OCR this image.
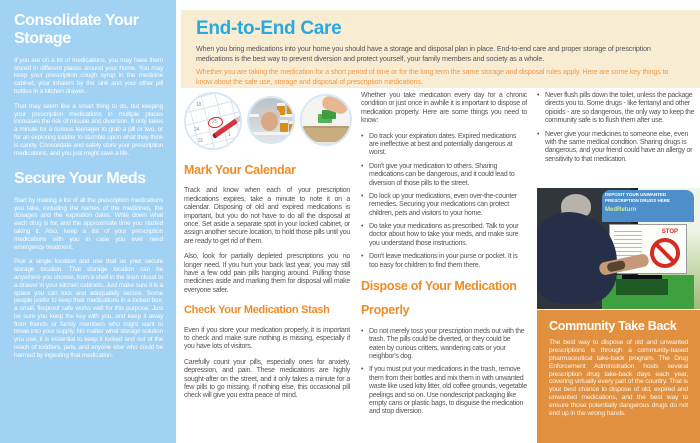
Consolidate Your Storage

If you are on a lot of medications, you may have them stored in different places around your home. You may keep your prescription cough syrup in the medicine cabinet, your inhalers by the sink and your other pill bottles in a kitchen drawer.

That may seem like a smart thing to do, but keeping your prescription medications in multiple places increases the risk of misuse and diversion. It only takes a minute for a curious teenager to grab a pill or two, or for an exploring toddler to stumble upon what they think is candy. Consolidate and safely store your prescription medications, and you just might save a life.

Secure Your Meds

Start by making a list of all the prescription medications you take, including the names of the medicines, the dosages and the expiration dates. Write down what each drug is for, and the approximate time you started taking it. Also, keep a list of your prescription medications with you in case you ever need emergency treatment.

Pick a single location and use that as your secure storage location. That storage location can be anywhere you choose, from a shelf in the linen closet to a drawer in your kitchen cabinets. Just make sure it is a space you can lock and adequately secure. Some people prefer to keep their medications in a locked box; a small, fireproof safe works well for this purpose. Just be sure you keep the key with you, and keep it away from friends or family members who might want to break into your supply. No matter what storage solution you use, it is essential to keep it locked and out of the reach of toddlers, pets, and anyone else who could be harmed by ingesting that medication.

End-to-End Care

When you bring medications into your home you should have a storage and disposal plan in place. End-to-end care and proper storage of prescription medications is the best way to prevent diversion and protect yourself, your family members and society as a whole.

Whether you are taking the medication for a short period of time or for the long term the same storage and disposal rules apply. Here are some key things to know about the safe use, storage and disposal of prescription medications.

18
25
24
31
1
Mark Your Calendar

Track and know when each of your prescription medications expires, take a minute to note it on a calendar. Disposing of old and expired medications is important, but you do not have to do all the disposal at once. Set aside a separate spot in your locked cabinet, or assign another secure location, to hold those pills until you are ready to get rid of them.

Also, look for partially depleted prescriptions you no longer need. If you hurt your back last year, you may still have a few odd pain pills hanging around. Pulling those medicines aside and marking them for disposal will make everyone safer.

Check Your Medication Stash

Even if you store your medication properly, it is important to check and make sure nothing is missing, especially if you have lots of visitors.

Carefully count your pills, especially ones for anxiety, depression, and pain. These medications are highly sought-after on the street, and it only takes a minute for a few pills to go missing. If nothing else, this occasional pill check will give you extra peace of mind.

Whether you take medication every day for a chronic condition or just once in awhile it is important to dispose of medication properly. Here are some things you need to know:

• Do track your expiration dates. Expired medications are ineffective at best and potentially dangerous at worst.
• Don't give your medication to others. Sharing medications can be dangerous, and it could lead to diversion of those pills to the street.
• Do lock up your medications, even over-the-counter remedies. Securing your medications can protect children, pets and visitors to your home.
• Do take your medications as prescribed. Talk to your doctor about how to take your meds, and make sure you understand those instructions.
• Don't leave medications in your purse or pocket. It is too easy for children to find them there.
Dispose of Your Medication
Properly
• Do not merely toss your prescription meds out with the trash. The pills could be diverted, or they could be eaten by curious critters, wandering cats or your neighbor's dog.
• If you must put your medications in the trash, remove them from their bottles and mix them in with unwanted waste like used kitty litter, old coffee grounds, vegetable peelings and so on. Use nondescript packaging like empty cans or plastic bags, to disguise the medication and stop diversion.
• Never flush pills down the toilet, unless the package directs you to. Some drugs - like fentanyl and other opioids - are so dangerous, the only way to keep the community safe is to flush them after use.
• Never give your medicines to someone else, even with the same medical condition. Sharing drugs is dangerous, and your friend could have an allergy or sensitivity to that medication.
DEPOSIT YOUR UNWANTED
PRESCRIPTION DRUGS HERE
MedReturn
STOP
Community Take Back

The best way to dispose of old and unwanted prescriptions is through a community-based pharmaceutical take-back program. The Drug Enforcement Administration hosts several prescription drug take-back days each year, covering virtually every part of the country. That is your best chance to dispose of old, expired and unwanted medications, and the best way to ensure those potentially dangerous drugs do not end up in the wrong hands.
